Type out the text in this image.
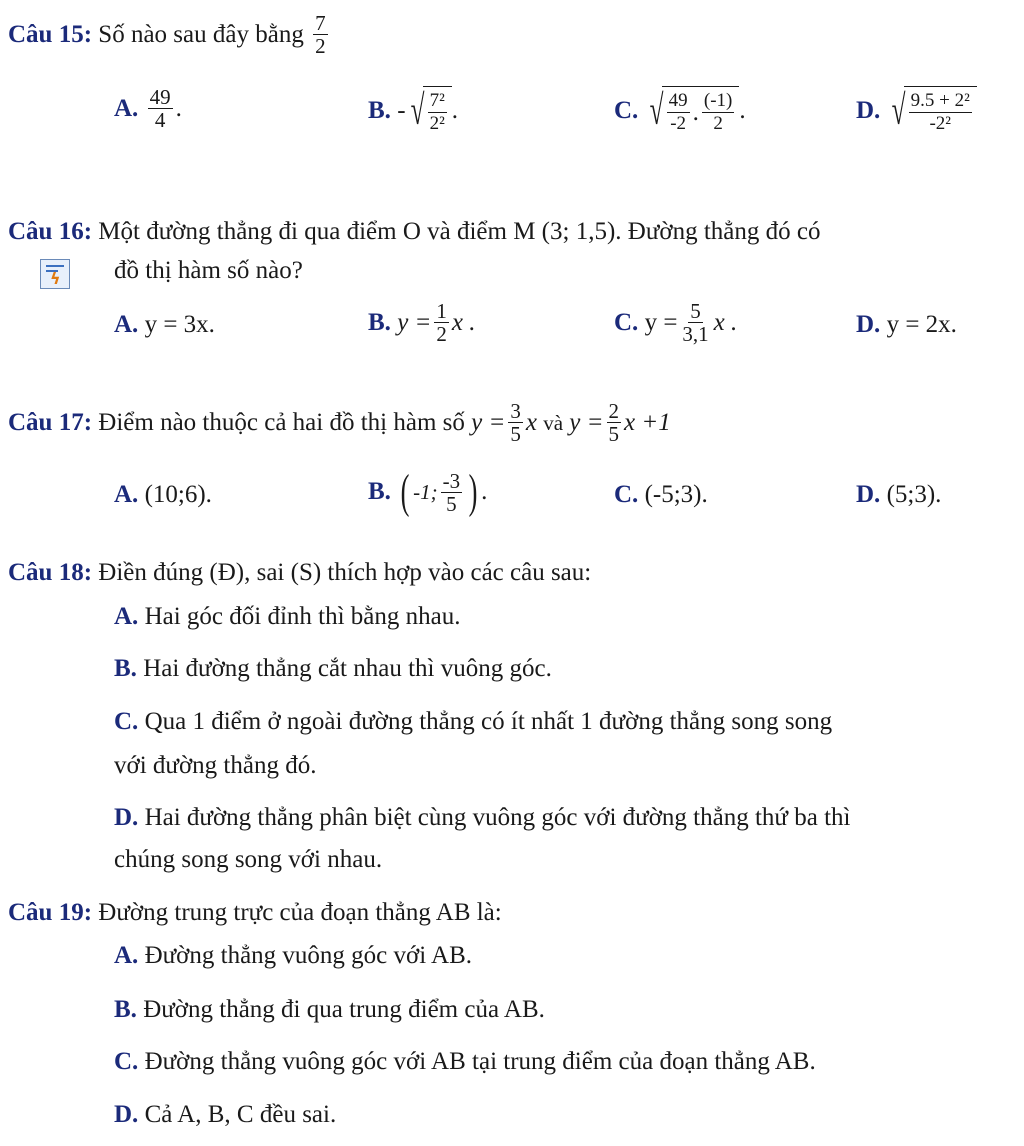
Câu 15:
Số nào sau đây bằng
$\frac{7}{2}$
A.
$\frac{49}{4}$ .	B.
- √ $\frac{\text{7²}}{\text{2²}}$ .	C.
√ $\frac{49}{-2}$ . $\frac{(-1)}{2}$ .	D.
√ $\frac{\text{9.5 + 2²}}{\text{-2²}}$
Câu 16: Một đường thẳng đi qua điểm O và điểm M (3; 1,5). Đường thẳng đó có
ϟ đồ thị hàm số nào?
A.
y = 3x.	B.
$y = \frac{1}{2}$ x .	C.
$y = \frac{5}{3,1}$ x .	D.
y = 2x.
Câu 17:
Điểm nào thuộc cả hai đồ thị hàm số
$y = \frac{3}{5}$ x
và
$y = \frac{2}{5}$ x +1
A.
(10;6).	B.
( -1; $\frac{-3}{5}$ ) .	C.
(-5;3).	D.
(5;3).
Câu 18: Điền đúng (Đ), sai (S) thích hợp vào các câu sau:
A. Hai góc đối đỉnh thì bằng nhau.
B. Hai đường thẳng cắt nhau thì vuông góc.
C. Qua 1 điểm ở ngoài đường thẳng có ít nhất 1 đường thẳng song song
với đường thẳng đó.
D. Hai đường thẳng phân biệt cùng vuông góc với đường thẳng thứ ba thì
chúng song song với nhau.
Câu 19: Đường trung trực của đoạn thẳng AB là:
A. Đường thẳng vuông góc với AB.
B. Đường thẳng đi qua trung điểm của AB.
C. Đường thẳng vuông góc với AB tại trung điểm của đoạn thẳng AB.
D. Cả A, B, C đều sai.
